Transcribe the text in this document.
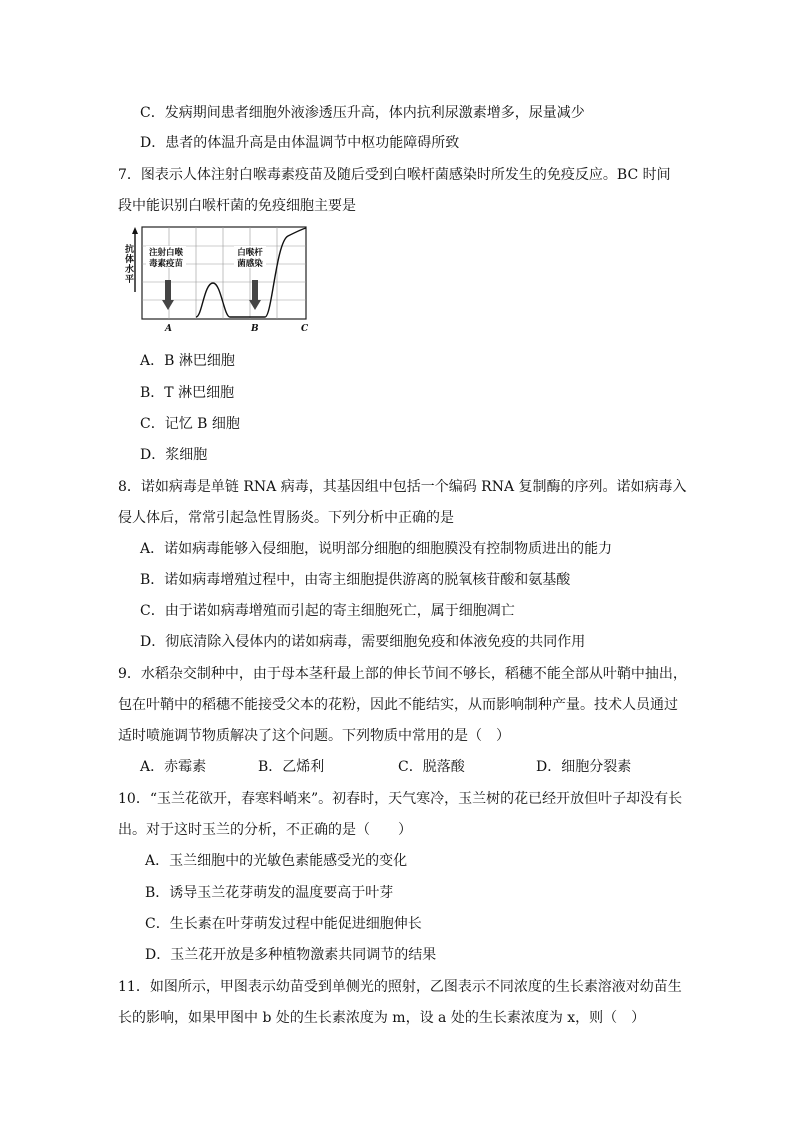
C．发病期间患者细胞外液渗透压升高，体内抗利尿激素增多，尿量减少
D．患者的体温升高是由体温调节中枢功能障碍所致
7．图表示人体注射白喉毒素疫苗及随后受到白喉杆菌感染时所发生的免疫反应。BC 时间
段中能识别白喉杆菌的免疫细胞主要是
抗体水平
注射白喉
毒素疫苗
白喉杆
菌感染
A	B	C
A．B 淋巴细胞
B．T 淋巴细胞
C．记忆 B 细胞
D．浆细胞
8．诺如病毒是单链 RNA 病毒，其基因组中包括一个编码 RNA 复制酶的序列。诺如病毒入
侵人体后，常常引起急性胃肠炎。下列分析中正确的是
A．诺如病毒能够入侵细胞，说明部分细胞的细胞膜没有控制物质进出的能力
B．诺如病毒增殖过程中，由寄主细胞提供游离的脱氧核苷酸和氨基酸
C．由于诺如病毒增殖而引起的寄主细胞死亡，属于细胞凋亡
D．彻底清除入侵体内的诺如病毒，需要细胞免疫和体液免疫的共同作用
9．水稻杂交制种中，由于母本茎秆最上部的伸长节间不够长，稻穗不能全部从叶鞘中抽出，
包在叶鞘中的稻穗不能接受父本的花粉，因此不能结实，从而影响制种产量。技术人员通过
适时喷施调节物质解决了这个问题。下列物质中常用的是（　）
A．赤霉素	B．乙烯利	C．脱落酸	D．细胞分裂素
10．“玉兰花欲开，春寒料峭来”。初春时，天气寒冷，玉兰树的花已经开放但叶子却没有长
出。对于这时玉兰的分析，不正确的是（　　）
A．玉兰细胞中的光敏色素能感受光的变化
B．诱导玉兰花芽萌发的温度要高于叶芽
C．生长素在叶芽萌发过程中能促进细胞伸长
D．玉兰花开放是多种植物激素共同调节的结果
11．如图所示，甲图表示幼苗受到单侧光的照射，乙图表示不同浓度的生长素溶液对幼苗生
长的影响，如果甲图中 b 处的生长素浓度为 m，设 a 处的生长素浓度为 x，则（　）
